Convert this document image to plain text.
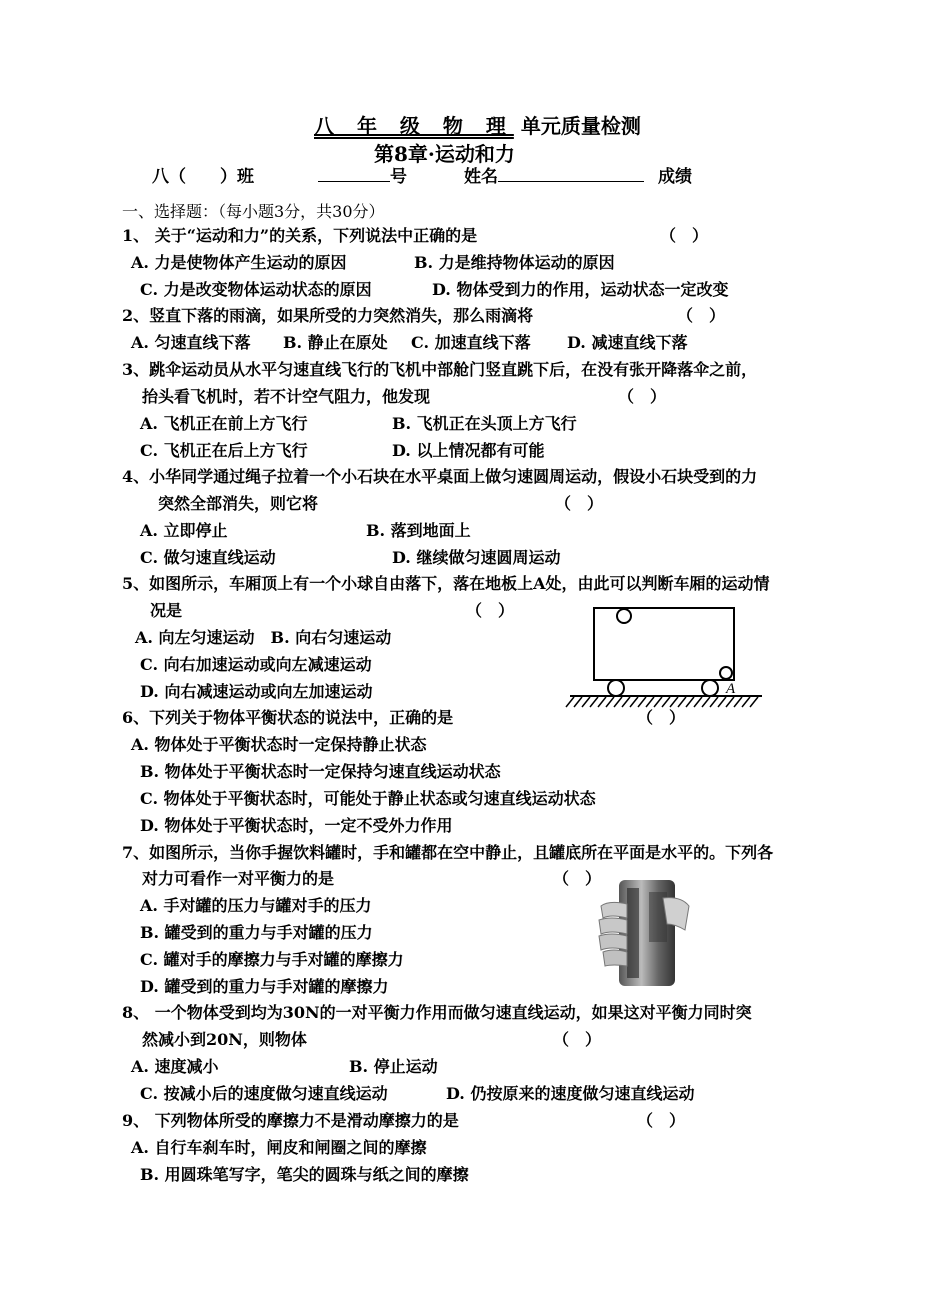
八 年 级 物 理 单元质量检测
第8章·运动和力
八（　　）班	号	姓名	成绩
一、选择题：（每小题3分，共30分）
1、 关于“运动和力”的关系，下列说法中正确的是	（　）
A. 力是使物体产生运动的原因	B. 力是维持物体运动的原因
C. 力是改变物体运动状态的原因	D. 物体受到力的作用，运动状态一定改变
2、竖直下落的雨滴，如果所受的力突然消失，那么雨滴将	（　）
A. 匀速直线下落 B. 静止在原处 C. 加速直线下落 D. 减速直线下落
3、跳伞运动员从水平匀速直线飞行的飞机中部舱门竖直跳下后，在没有张开降落伞之前，
抬头看飞机时，若不计空气阻力，他发现	（　）
A. 飞机正在前上方飞行	B. 飞机正在头顶上方飞行
C. 飞机正在后上方飞行	D. 以上情况都有可能
4、小华同学通过绳子拉着一个小石块在水平桌面上做匀速圆周运动，假设小石块受到的力
突然全部消失，则它将	（　）
A. 立即停止	B. 落到地面上
C. 做匀速直线运动	D. 继续做匀速圆周运动
5、如图所示，车厢顶上有一个小球自由落下，落在地板上A处，由此可以判断车厢的运动情
况是	（　）
A. 向左匀速运动　B. 向右匀速运动
C. 向右加速运动或向左减速运动
D. 向右减速运动或向左加速运动	A
6、下列关于物体平衡状态的说法中，正确的是	（　）
A. 物体处于平衡状态时一定保持静止状态
B. 物体处于平衡状态时一定保持匀速直线运动状态
C. 物体处于平衡状态时，可能处于静止状态或匀速直线运动状态
D. 物体处于平衡状态时，一定不受外力作用
7、如图所示，当你手握饮料罐时，手和罐都在空中静止，且罐底所在平面是水平的。下列各
对力可看作一对平衡力的是	（　）
A. 手对罐的压力与罐对手的压力
B. 罐受到的重力与手对罐的压力
C. 罐对手的摩擦力与手对罐的摩擦力
D. 罐受到的重力与手对罐的摩擦力
8、 一个物体受到均为30N的一对平衡力作用而做匀速直线运动，如果这对平衡力同时突
然减小到20N，则物体	（　）
A. 速度减小	B. 停止运动
C. 按减小后的速度做匀速直线运动	D. 仍按原来的速度做匀速直线运动
9、 下列物体所受的摩擦力不是滑动摩擦力的是	（　）
A. 自行车刹车时，闸皮和闸圈之间的摩擦
B. 用圆珠笔写字，笔尖的圆珠与纸之间的摩擦
